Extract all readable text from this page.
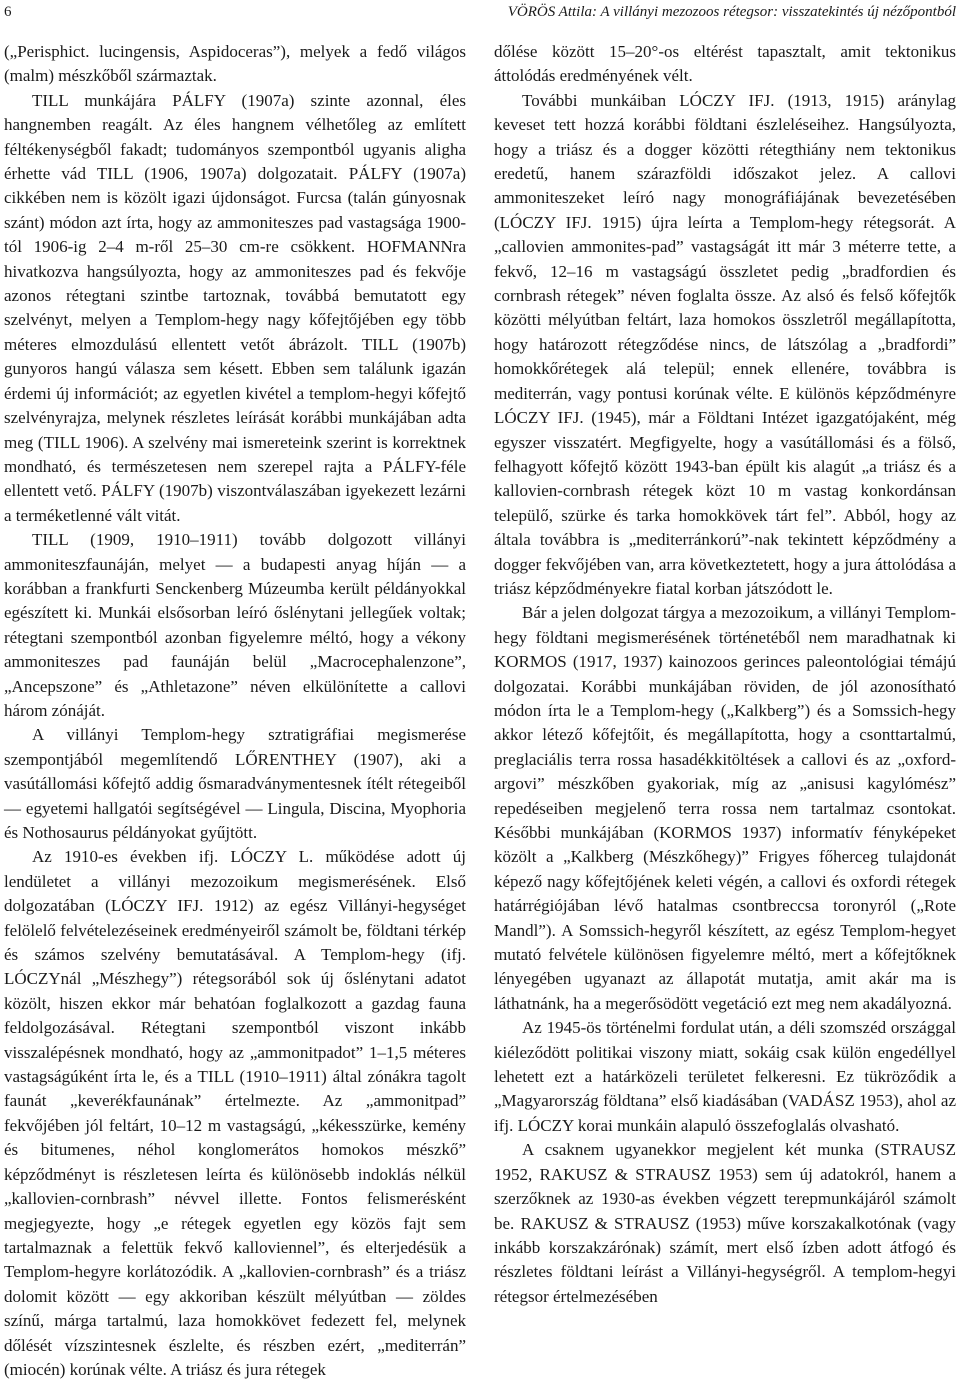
6	VÖRÖS Attila: A villányi mezozoos rétegsor: visszatekintés új nézőpontból

(„Perisphict. lucingensis, Aspidoceras”), melyek a fedő világos (malm) mészkőből származtak.

TILL munkájára PÁLFY (1907a) szinte azonnal, éles hangnemben reagált. Az éles hangnem vélhetőleg az említett féltékenységből fakadt; tudományos szempontból ugyanis aligha érhette vád TILL (1906, 1907a) dolgozatait. PÁLFY (1907a) cikkében nem is közölt igazi újdonságot. Furcsa (talán gúnyosnak szánt) módon azt írta, hogy az ammoniteszes pad vastagsága 1900-tól 1906-ig 2–4 m-ről 25–30 cm-re csökkent. HOFMANNra hivatkozva hangsúlyozta, hogy az ammoniteszes pad és fekvője azonos rétegtani szintbe tartoznak, továbbá bemutatott egy szelvényt, melyen a Templom-hegy nagy kőfejtőjében egy több méteres elmozdulású ellentett vetőt ábrázolt. TILL (1907b) gunyoros hangú válasza sem késett. Ebben sem találunk igazán érdemi új információt; az egyetlen kivétel a templom-hegyi kőfejtő szelvényrajza, melynek részletes leírását korábbi munkájában adta meg (TILL 1906). A szelvény mai ismereteink szerint is korrektnek mondható, és természetesen nem szerepel rajta a PÁLFY-féle ellentett vető. PÁLFY (1907b) viszontválaszában igyekezett lezárni a terméketlenné vált vitát.

TILL (1909, 1910–1911) tovább dolgozott villányi ammoniteszfaunáján, melyet — a budapesti anyag híján — a korábban a frankfurti Senckenberg Múzeumba került példányokkal egészített ki. Munkái elsősorban leíró őslénytani jellegűek voltak; rétegtani szempontból azonban figyelemre méltó, hogy a vékony ammoniteszes pad faunáján belül „Macrocephalenzone”, „Ancepszone” és „Athletazone” néven elkülönítette a callovi három zónáját.

A villányi Templom-hegy sztratigráfiai megismerése szempontjából megemlítendő LŐRENTHEY (1907), aki a vasútállomási kőfejtő addig ősmaradványmentesnek ítélt rétegeiből — egyetemi hallgatói segítségével — Lingula, Discina, Myophoria és Nothosaurus példányokat gyűjtött.

Az 1910-es években ifj. LÓCZY L. működése adott új lendületet a villányi mezozoikum megismerésének. Első dolgozatában (LÓCZY IFJ. 1912) az egész Villányi-hegységet felölelő felvételezéseinek eredményeiről számolt be, földtani térkép és számos szelvény bemutatásával. A Templom-hegy (ifj. LÓCZYnál „Mészhegy”) rétegsorából sok új őslénytani adatot közölt, hiszen ekkor már behatóan foglalkozott a gazdag fauna feldolgozásával. Rétegtani szempontból viszont inkább visszalépésnek mondható, hogy az „ammonitpadot” 1–1,5 méteres vastagságúként írta le, és a TILL (1910–1911) által zónákra tagolt faunát „keverékfaunának” értelmezte. Az „ammonitpad” fekvőjében jól feltárt, 10–12 m vastagságú, „kékesszürke, kemény és bitumenes, néhol konglomerátos homokos mészkő” képződményt is részletesen leírta és különösebb indoklás nélkül „kallovien-cornbrash” névvel illette. Fontos felismerésként megjegyezte, hogy „e rétegek egyetlen egy közös fajt sem tartalmaznak a felettük fekvő kalloviennel”, és elterjedésük a Templom-hegyre korlátozódik. A „kallovien-cornbrash” és a triász dolomit között — egy akkoriban készült mélyútban — zöldes színű, márga tartalmú, laza homokkövet fedezett fel, melynek dőlését vízszintesnek észlelte, és részben ezért, „mediterrán” (miocén) korúnak vélte. A triász és jura rétegek

dőlése között 15–20°-os eltérést tapasztalt, amit tektonikus áttolódás eredményének vélt.

További munkáiban LÓCZY IFJ. (1913, 1915) aránylag keveset tett hozzá korábbi földtani észleléseihez. Hangsúlyozta, hogy a triász és a dogger közötti rétegthiány nem tektonikus eredetű, hanem szárazföldi időszakot jelez. A callovi ammoniteszeket leíró nagy monográfiájának bevezetésében (LÓCZY IFJ. 1915) újra leírta a Templom-hegy rétegsorát. A „callovien ammonites-pad” vastagságát itt már 3 méterre tette, a fekvő, 12–16 m vastagságú összletet pedig „bradfordien és cornbrash rétegek” néven foglalta össze. Az alsó és felső kőfejtők közötti mélyútban feltárt, laza homokos összletről megállapította, hogy határozott rétegződése nincs, de látszólag a „bradfordi” homokkőrétegek alá települ; ennek ellenére, továbbra is mediterrán, vagy pontusi korúnak vélte. E különös képződményre LÓCZY IFJ. (1945), már a Földtani Intézet igazgatójaként, még egyszer visszatért. Megfigyelte, hogy a vasútállomási és a fölső, felhagyott kőfejtő között 1943-ban épült kis alagút „a triász és a kallovien-cornbrash rétegek közt 10 m vastag konkordánsan települő, szürke és tarka homokkövek tárt fel”. Abból, hogy az általa továbbra is „mediterránkorú”-nak tekintett képződmény a dogger fekvőjében van, arra következtetett, hogy a jura áttolódása a triász képződményekre fiatal korban játszódott le.

Bár a jelen dolgozat tárgya a mezozoikum, a villányi Templom-hegy földtani megismerésének történetéből nem maradhatnak ki KORMOS (1917, 1937) kainozoos gerinces paleontológiai témájú dolgozatai. Korábbi munkájában röviden, de jól azonosítható módon írta le a Templom-hegy („Kalkberg”) és a Somssich-hegy akkor létező kőfejtőit, és megállapította, hogy a csonttartalmú, preglaciális terra rossa hasadékkitöltések a callovi és az „oxford-argovi” mészkőben gyakoriak, míg az „anisusi kagylómész” repedéseiben megjelenő terra rossa nem tartalmaz csontokat. Későbbi munkájában (KORMOS 1937) informatív fényképeket közölt a „Kalkberg (Mészkőhegy)” Frigyes főherceg tulajdonát képező nagy kőfejtőjének keleti végén, a callovi és oxfordi rétegek határrégiójában lévő hatalmas csontbreccsa toronyról („Rote Mandl”). A Somssich-hegyről készített, az egész Templom-hegyet mutató felvétele különösen figyelemre méltó, mert a kőfejtőknek lényegében ugyanazt az állapotát mutatja, amit akár ma is láthatnánk, ha a megerősödött vegetáció ezt meg nem akadályozná.

Az 1945-ös történelmi fordulat után, a déli szomszéd országgal kiéleződött politikai viszony miatt, sokáig csak külön engedéllyel lehetett ezt a határközeli területet felkeresni. Ez tükröződik a „Magyarország földtana” első kiadásában (VADÁSZ 1953), ahol az ifj. LÓCZY korai munkáin alapuló összefoglalás olvasható.

A csaknem ugyanekkor megjelent két munka (STRAUSZ 1952, RAKUSZ & STRAUSZ 1953) sem új adatokról, hanem a szerzőknek az 1930-as években végzett terepmunkájáról számolt be. RAKUSZ & STRAUSZ (1953) műve korszakalkotónak (vagy inkább korszakzárónak) számít, mert első ízben adott átfogó és részletes földtani leírást a Villányi-hegységről. A templom-hegyi rétegsor értelmezésében
